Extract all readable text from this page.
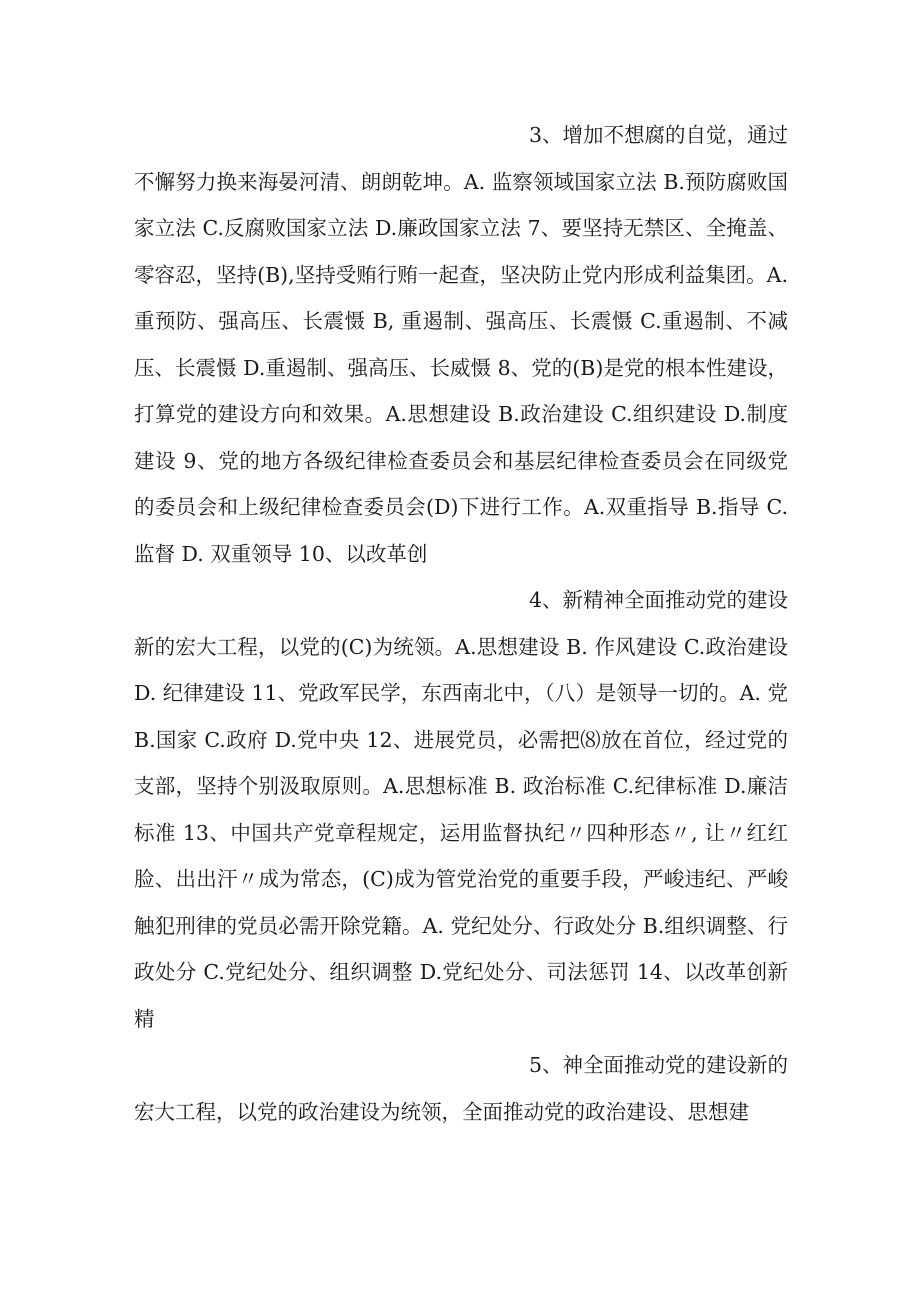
3、增加不想腐的自觉，通过
不懈努力换来海晏河清、朗朗乾坤。A. 监察领域国家立法 B.预防腐败国家立法 C.反腐败国家立法 D.廉政国家立法 7、要坚持无禁区、全掩盖、零容忍，坚持(B),坚持受贿行贿一起查，坚决防止党内形成利益集团。A. 重预防、强高压、长震慑 B, 重遏制、强高压、长震慑 C.重遏制、不减压、长震慑 D.重遏制、强高压、长威慑 8、党的(B)是党的根本性建设，打算党的建设方向和效果。A.思想建设 B.政治建设 C.组织建设 D.制度建设 9、党的地方各级纪律检查委员会和基层纪律检查委员会在同级党的委员会和上级纪律检查委员会(D)下进行工作。A.双重指导 B.指导 C.监督 D. 双重领导 10、以改革创
4、新精神全面推动党的建设
新的宏大工程，以党的(C)为统领。A.思想建设 B. 作风建设 C.政治建设 D. 纪律建设 11、党政军民学，东西南北中，（八）是领导一切的。A. 党 B.国家 C.政府 D.党中央 12、进展党员，必需把⑻放在首位，经过党的支部，坚持个别汲取原则。A.思想标准 B. 政治标准 C.纪律标准 D.廉洁标准 13、中国共产党章程规定，运用监督执纪〃四种形态〃, 让〃红红脸、出出汗〃成为常态，(C)成为管党治党的重要手段，严峻违纪、严峻触犯刑律的党员必需开除党籍。A. 党纪处分、行政处分 B.组织调整、行政处分 C.党纪处分、组织调整 D.党纪处分、司法惩罚 14、以改革创新精
5、神全面推动党的建设新的
宏大工程，以党的政治建设为统领，全面推动党的政治建设、思想建
